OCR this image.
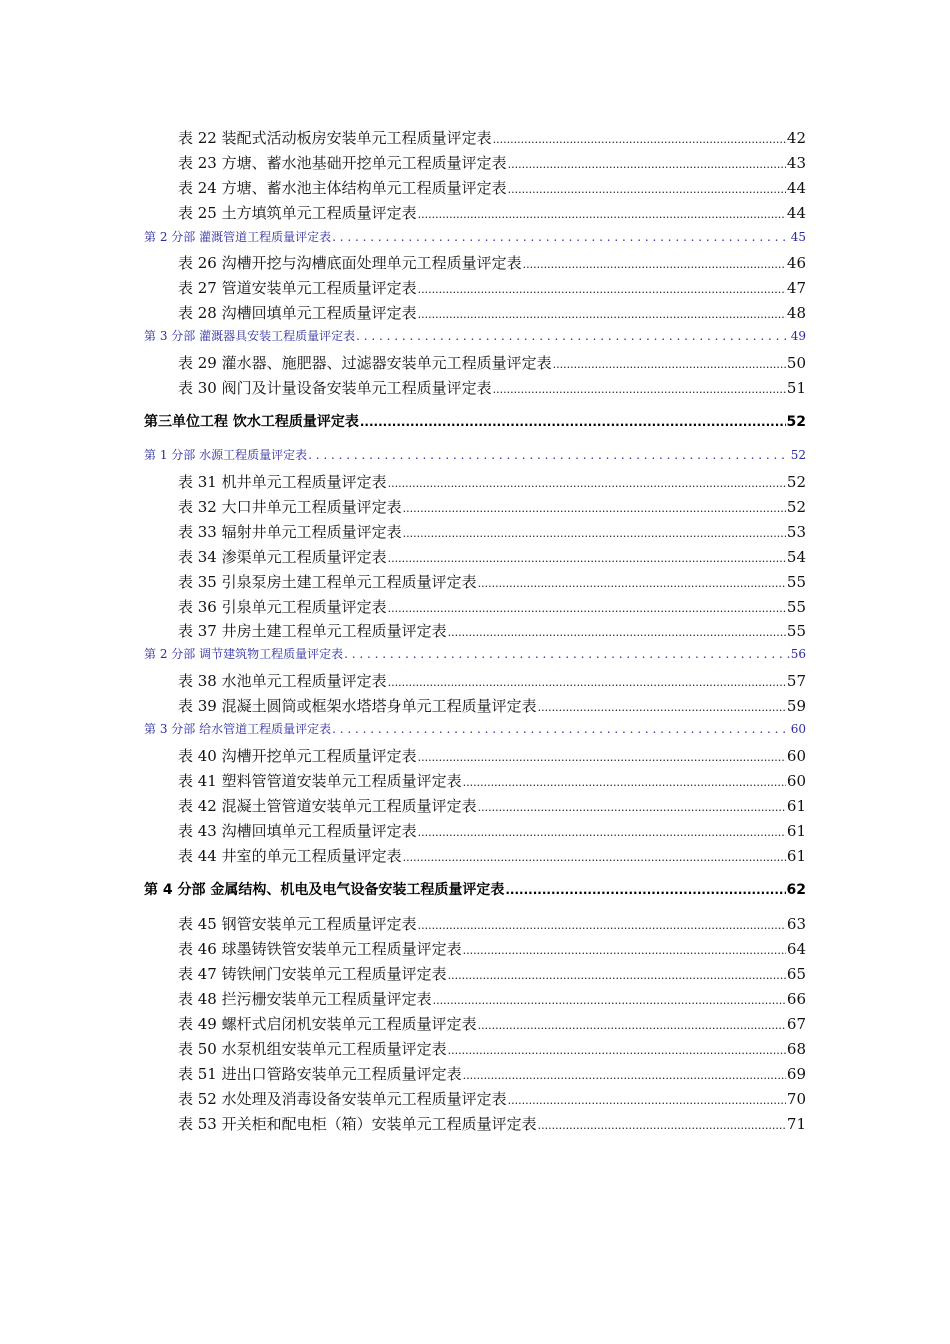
表 22 装配式活动板房安装单元工程质量评定表 .....	42
表 23 方塘、蓄水池基础开挖单元工程质量评定表 .....	43
表 24 方塘、蓄水池主体结构单元工程质量评定表 .....	44
表 25 土方填筑单元工程质量评定表 .....	44
第 2 分部 灌溉管道工程质量评定表 . . .	45
表 26 沟槽开挖与沟槽底面处理单元工程质量评定表 .....	46
表 27 管道安装单元工程质量评定表 .....	47
表 28 沟槽回填单元工程质量评定表 .....	48
第 3 分部 灌溉器具安装工程质量评定表 . . .	49
表 29 灌水器、施肥器、过滤器安装单元工程质量评定表 .....	50
表 30 阀门及计量设备安装单元工程质量评定表 .....	51
第三单位工程 饮水工程质量评定表 .....	52
第 1 分部 水源工程质量评定表 . . .	52
表 31 机井单元工程质量评定表 .....	52
表 32 大口井单元工程质量评定表 .....	52
表 33 辐射井单元工程质量评定表 .....	53
表 34 渗渠单元工程质量评定表 .....	54
表 35 引泉泵房土建工程单元工程质量评定表 .....	55
表 36 引泉单元工程质量评定表 .....	55
表 37 井房土建工程单元工程质量评定表 .....	55
第 2 分部 调节建筑物工程质量评定表 . . .	56
表 38 水池单元工程质量评定表 .....	57
表 39 混凝土圆筒或框架水塔塔身单元工程质量评定表 .....	59
第 3 分部 给水管道工程质量评定表 . . .	60
表 40 沟槽开挖单元工程质量评定表 .....	60
表 41 塑料管管道安装单元工程质量评定表 .....	60
表 42 混凝土管管道安装单元工程质量评定表 .....	61
表 43 沟槽回填单元工程质量评定表 .....	61
表 44 井室的单元工程质量评定表 .....	61
第 4 分部 金属结构、机电及电气设备安装工程质量评定表 .....	62
表 45 钢管安装单元工程质量评定表 .....	63
表 46 球墨铸铁管安装单元工程质量评定表 .....	64
表 47 铸铁闸门安装单元工程质量评定表 .....	65
表 48 拦污栅安装单元工程质量评定表 .....	66
表 49 螺杆式启闭机安装单元工程质量评定表 .....	67
表 50 水泵机组安装单元工程质量评定表 .....	68
表 51 进出口管路安装单元工程质量评定表 .....	69
表 52 水处理及消毒设备安装单元工程质量评定表 .....	70
表 53 开关柜和配电柜（箱）安装单元工程质量评定表 .....	71
